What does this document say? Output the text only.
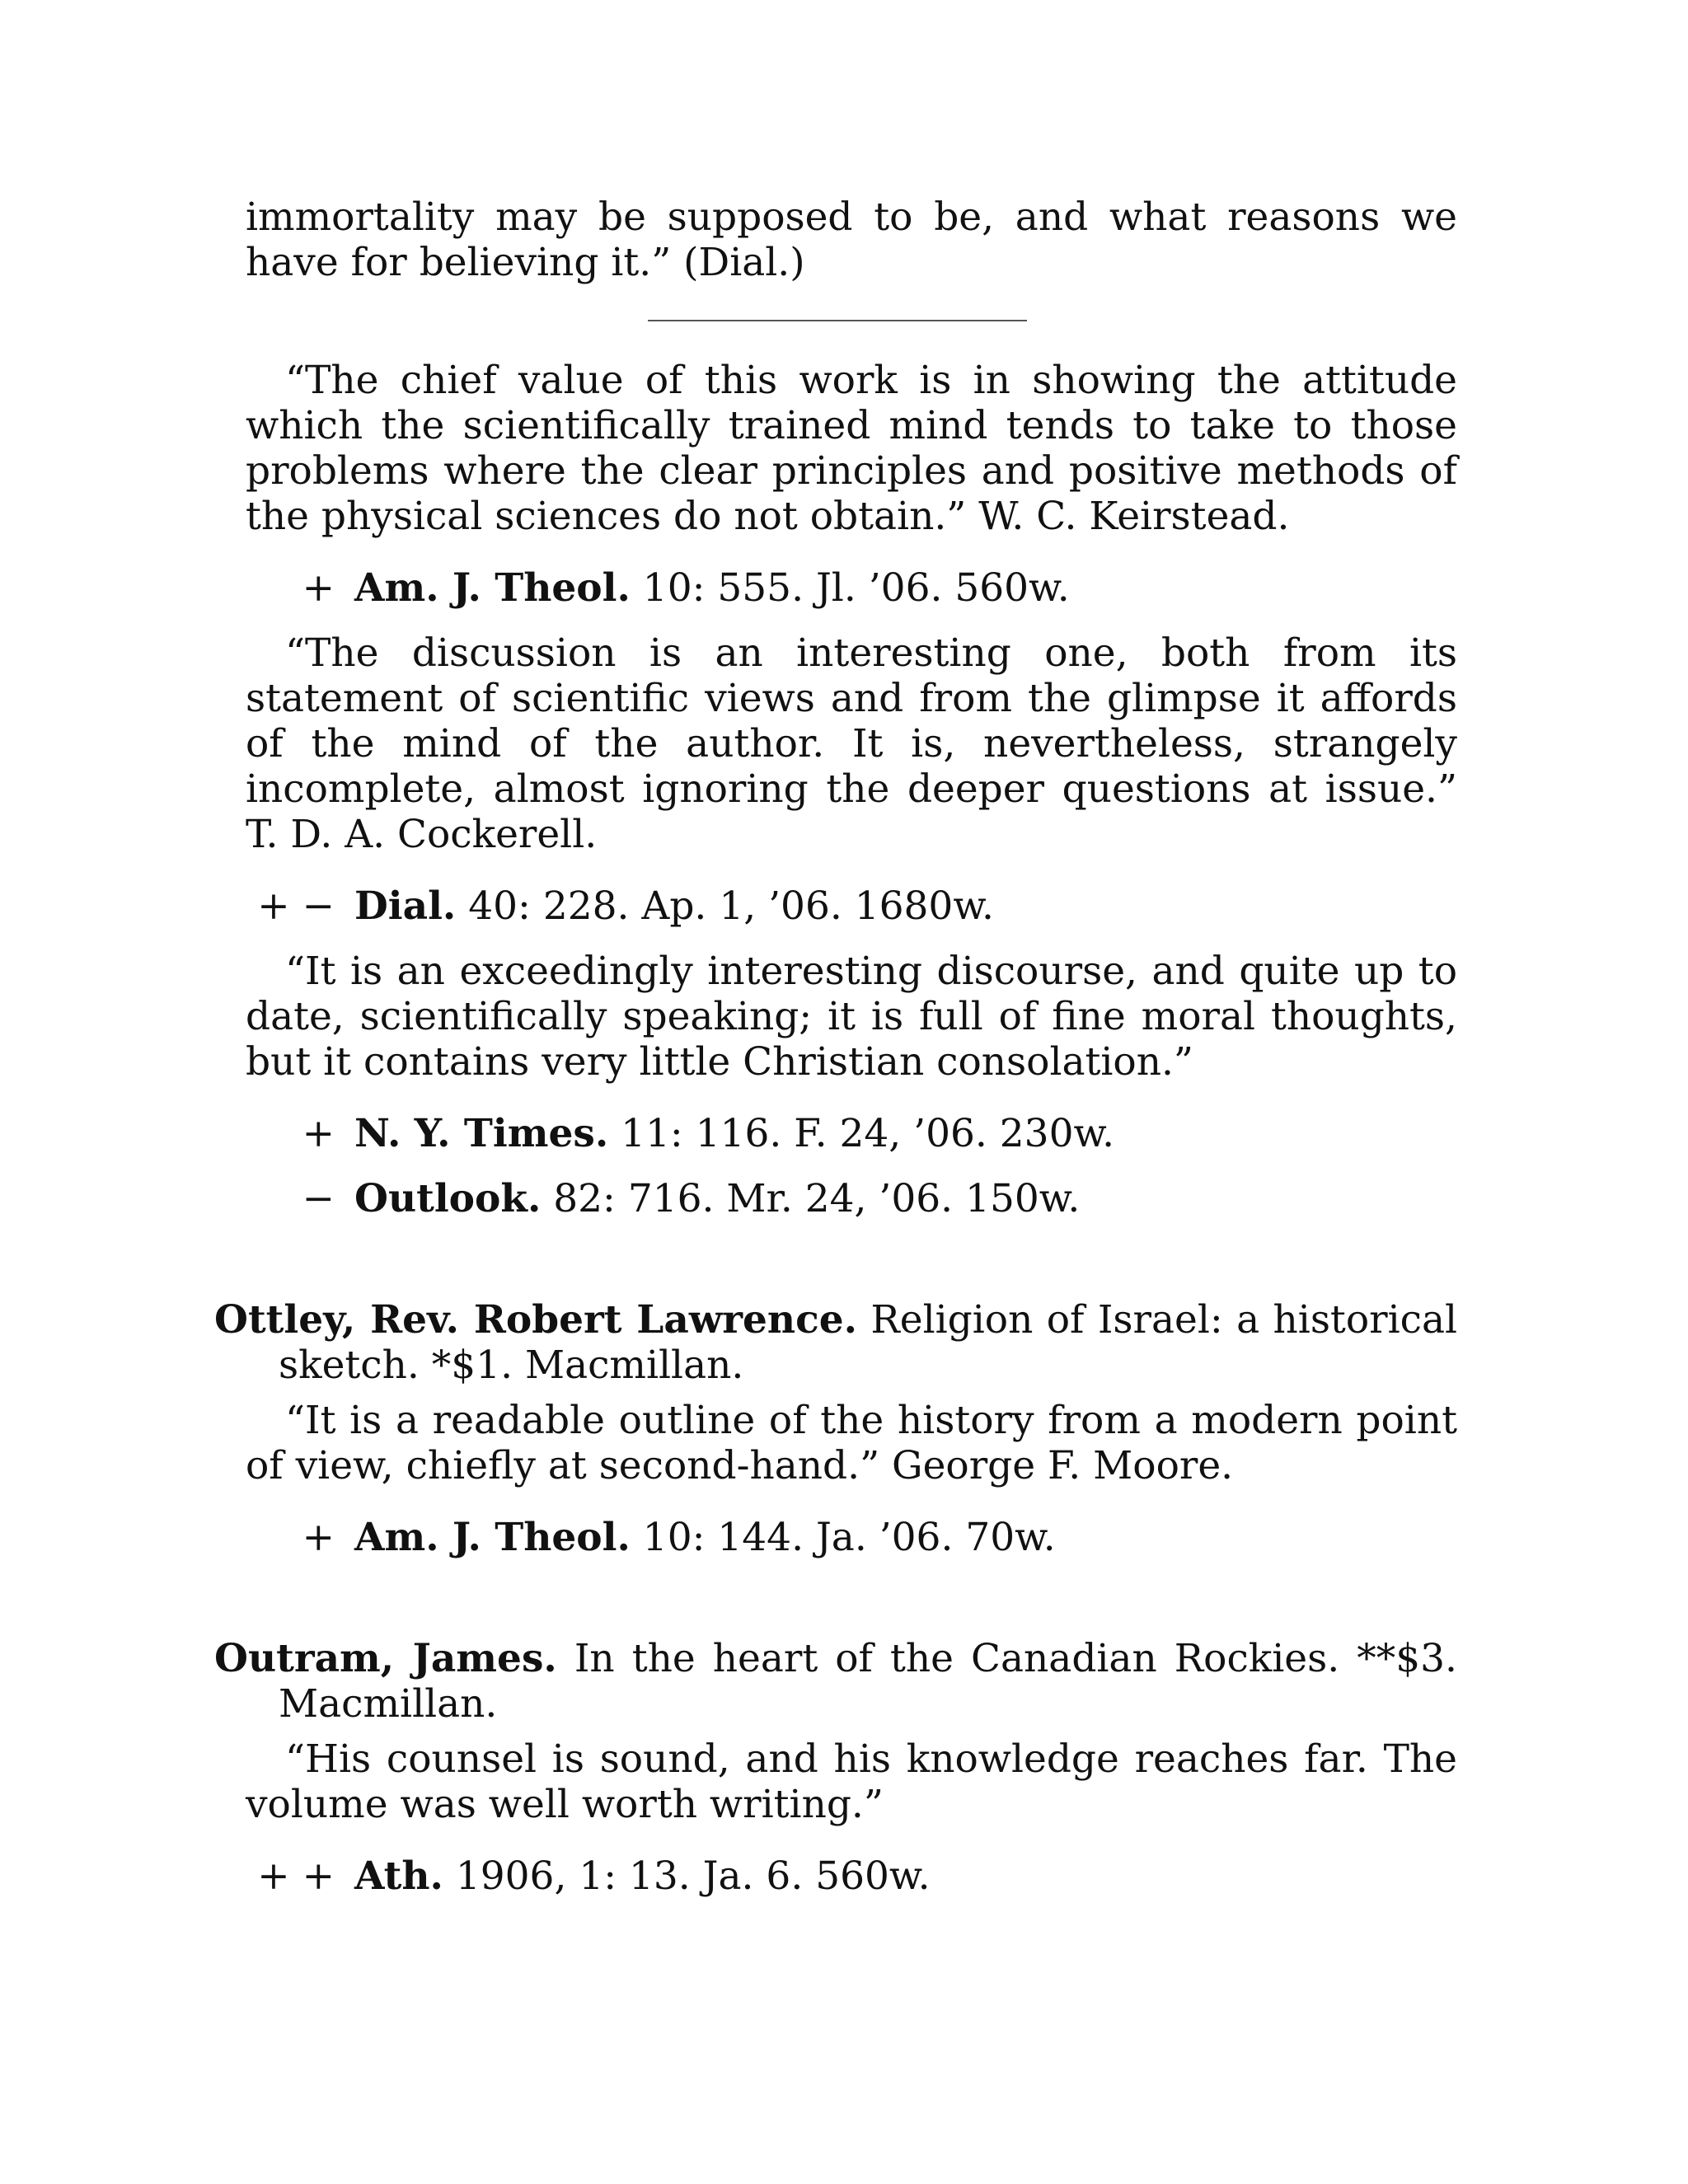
immortality may be supposed to be, and what reasons we have for believing it.” (Dial.)

“The chief value of this work is in showing the attitude which the scientifically trained mind tends to take to those problems where the clear principles and positive methods of the physical sciences do not obtain.” W. C. Keirstead.

+ Am. J. Theol. 10: 555. Jl. ’06. 560w.

“The discussion is an interesting one, both from its statement of scientific views and from the glimpse it affords of the mind of the author. It is, nevertheless, strangely incomplete, almost ignoring the deeper questions at issue.” T. D. A. Cockerell.

+ − Dial. 40: 228. Ap. 1, ’06. 1680w.

“It is an exceedingly interesting discourse, and quite up to date, scientifically speaking; it is full of fine moral thoughts, but it contains very little Christian consolation.”

+ N. Y. Times. 11: 116. F. 24, ’06. 230w.

− Outlook. 82: 716. Mr. 24, ’06. 150w.

Ottley, Rev. Robert Lawrence. Religion of Israel: a historical sketch. *$1. Macmillan.

“It is a readable outline of the history from a modern point of view, chiefly at second-hand.” George F. Moore.

+ Am. J. Theol. 10: 144. Ja. ’06. 70w.

Outram, James. In the heart of the Canadian Rockies. **$3. Macmillan.

“His counsel is sound, and his knowledge reaches far. The volume was well worth writing.”

+ + Ath. 1906, 1: 13. Ja. 6. 560w.
